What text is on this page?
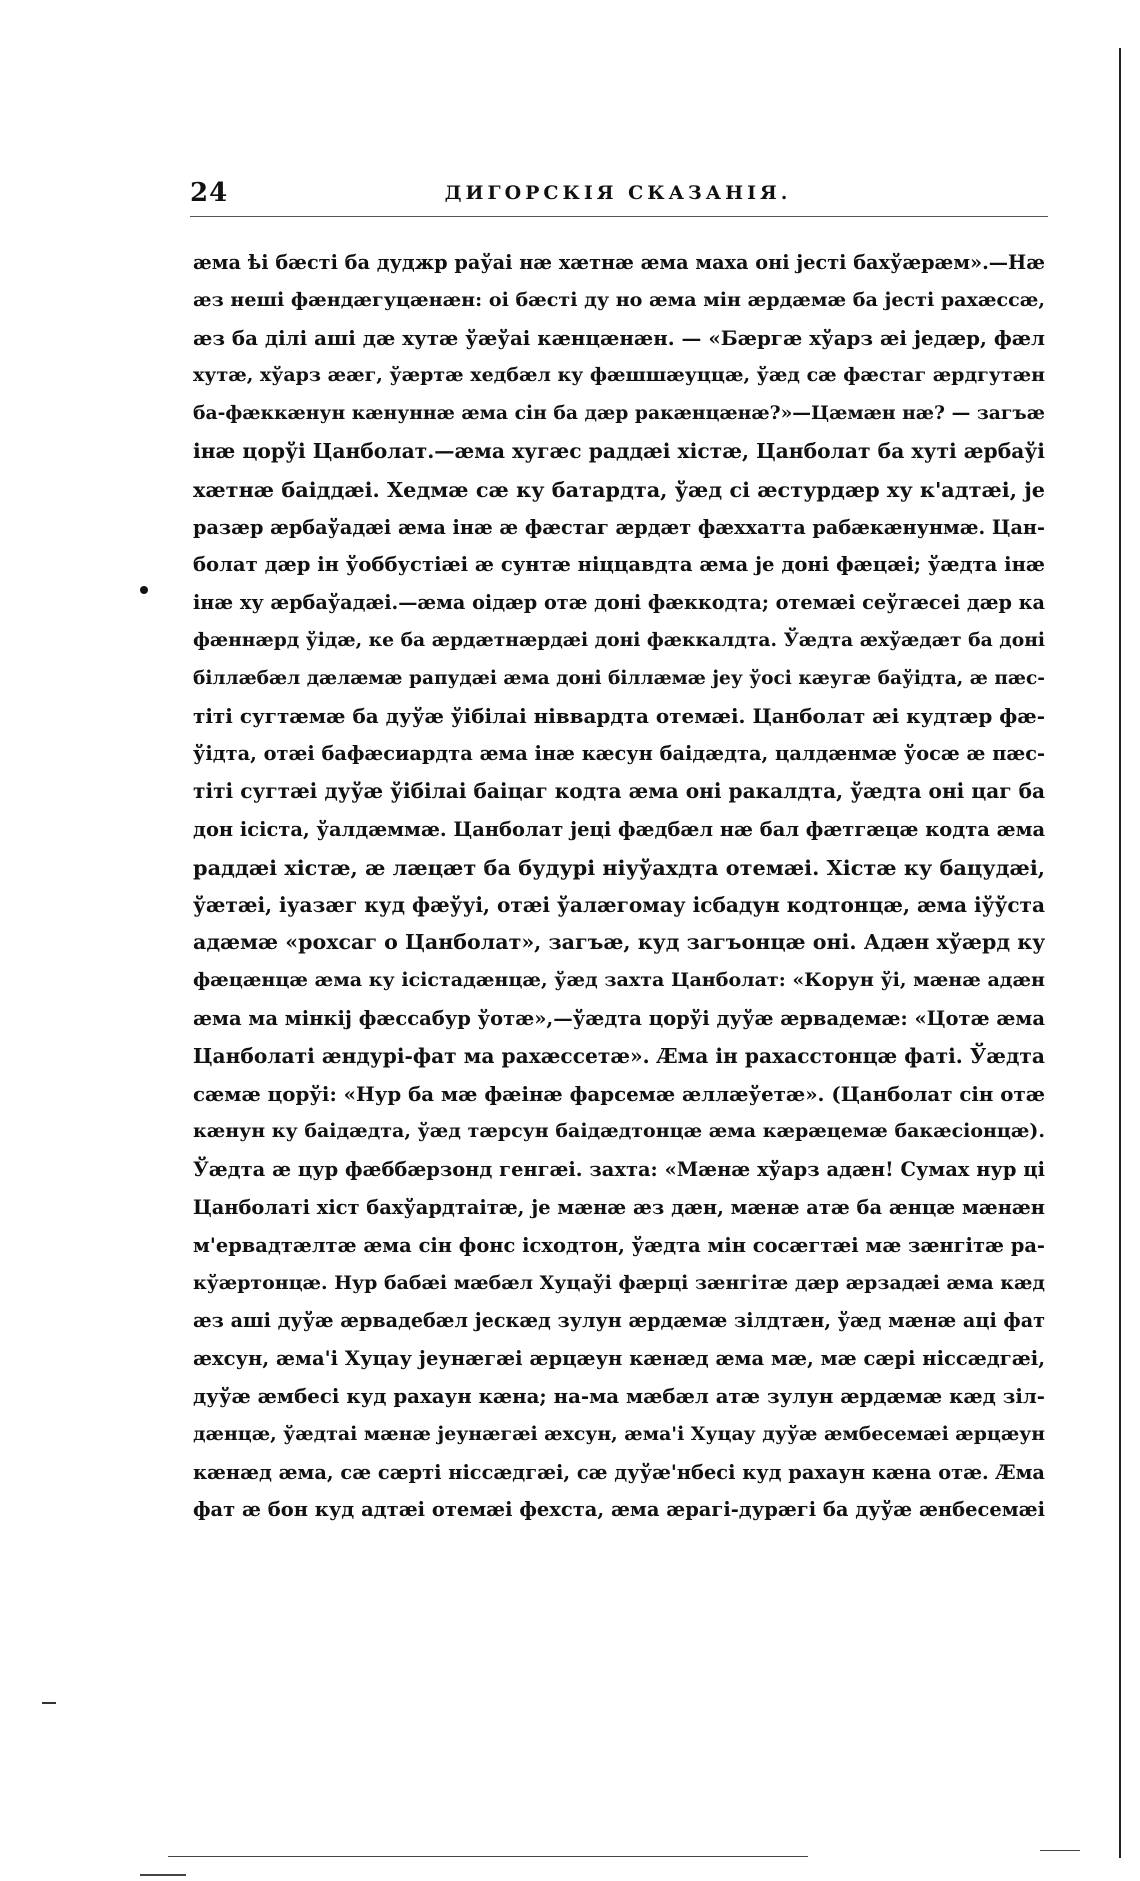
24	ДИГОРСКІЯ СКАЗАНІЯ.
æма ѣі бæсті ба дуджр раўаі нæ хæтнæ æма маха оні jecті бахўæрæм».—Нæ
æз неші фæндæгуцæнæн: оі бæсті ду но æма мін æрдæмæ ба jecті рахæссæ,
æз ба ділі аші дæ хутæ ўæўаі кæнцæнæн. — «Бæргæ хўарз æі jедæр, фæл
хутæ, хўарз ææг, ўæртæ хедбæл ку фæшшæуццæ, ўæд сæ фæстаг æрдгутæн
ба-фæккæнун кæнуннæ æма сін ба дæр ракæнцæнæ?»—Цæмæн нæ? — загъæ
інæ цорўі Цанболат.—æма хугæс раддæі хістæ, Цанболат ба хуті æрбаўі
хæтнæ баіддæі. Хедмæ сæ ку батардта, ўæд сі æстурдæр ху к'адтæі, jе
разæр æрбаўадæі æма інæ æ фæстаг æрдæт фæххатта рабæкæнунмæ. Цан-
болат дæр ін ўоббустіæі æ сунтæ ніццавдта æма jе доні фæцæі; ўæдта інæ
інæ ху æрбаўадæі.—æма оідæр отæ доні фæккодта; отемæі сеўгæсеі дæр ка
фæннæрд ўідæ, ке ба æрдæтнæрдæі доні фæккалдта. Ўæдта æхўæдæт ба доні
біллæбæл дæлæмæ рапудæі æма доні біллæмæ jеу ўосі кæугæ баўідта, æ пæс-
тіті сугтæмæ ба дуўæ ўібілаі ніввардта отемæі. Цанболат æі кудтæр фæ-
ўідта, отæі бафæсиардта æма інæ кæсун баідæдта, цалдæнмæ ўосæ æ пæс-
тіті сугтæі дуўæ ўібілаі баіцаг кодта æма оні ракалдта, ўæдта оні цаг ба
дон ісіста, ўалдæммæ. Цанболат jеці фæдбæл нæ бал фæтгæцæ кодта æма
раддæі хістæ, æ лæцæт ба будурі ніуўахдта отемæі. Хістæ ку бацудæі,
ўæтæі, іуазæг куд фæўуі, отæі ўалæгомау ісбадун кодтонцæ, æма іўўста
адæмæ «рохсаг о Цанболат», загъæ, куд загъонцæ оні. Адæн хўæрд ку
фæцæнцæ æма ку ісістадæнцæ, ўæд захта Цанболат: «Корун ўі, мæнæ адæн
æма ма мінкij фæссабур ўотæ»,—ўæдта цорўі дуўæ æрвадемæ: «Цотæ æма
Цанболаті æндурі-фат ма рахæссетæ». Æма ін рахасстонцæ фаті. Ўæдта
сæмæ цорўі: «Нур ба мæ фæінæ фарсемæ æллæўетæ». (Цанболат сін отæ
кæнун ку баідæдта, ўæд тæрсун баідæдтонцæ æма кæрæцемæ бакæсіонцæ).
Ўæдта æ цур фæббæрзонд генгæі. захта: «Мæнæ хўарз адæн! Сумах нур ці
Цанболаті хіст бахўардтаітæ, jе мæнæ æз дæн, мæнæ атæ ба æнцæ мæнæн
м'ервадтæлтæ æма сін фонс ісходтон, ўæдта мін сосæгтæі мæ зæнгітæ ра-
кўæртонцæ. Нур бабæі мæбæл Хуцаўі фæрці зæнгітæ дæр æрзадæі æма кæд
æз аші дуўæ æрвадебæл jескæд зулун æрдæмæ зілдтæн, ўæд мæнæ аці фат
æхсун, æма'і Хуцау jеунæгæі æрцæун кæнæд æма мæ, мæ сæрі ніссæдгæі,
дуўæ æмбесі куд рахаун кæна; на-ма мæбæл атæ зулун æрдæмæ кæд зіл-
дæнцæ, ўæдтаі мæнæ jеунæгæі æхсун, æма'і Хуцау дуўæ æмбесемæі æрцæун
кæнæд æма, сæ сæрті ніссæдгæі, сæ дуўæ'нбесі куд рахаун кæна отæ. Æма
фат æ бон куд адтæі отемæі фехста, æма æрагі-дурæгі ба дуўæ æнбесемæі
